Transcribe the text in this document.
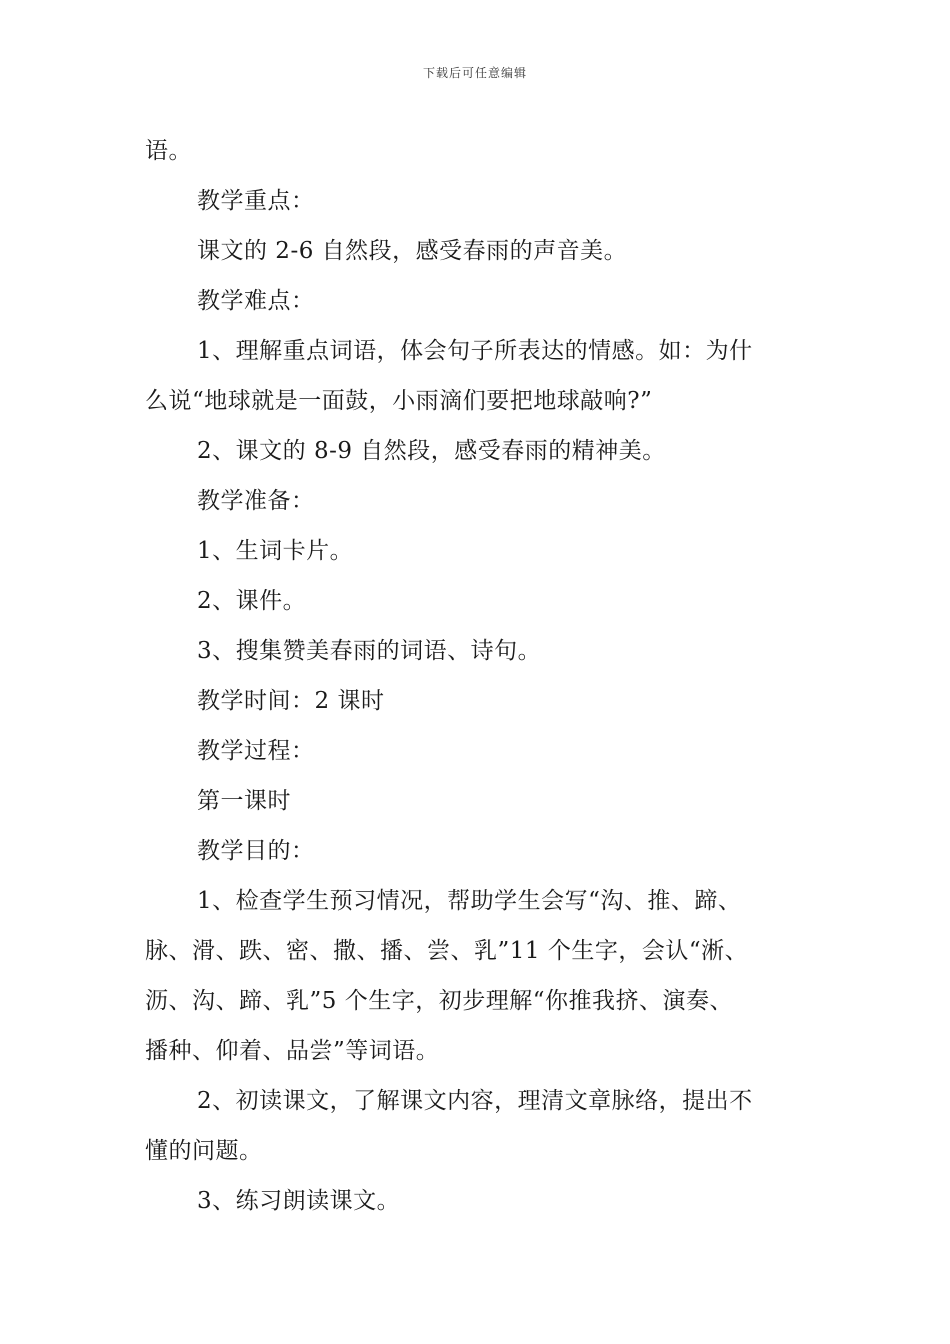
下载后可任意编辑
语。
教学重点：
课文的 2-6 自然段，感受春雨的声音美。
教学难点：
1、理解重点词语，体会句子所表达的情感。如：为什
么说“地球就是一面鼓，小雨滴们要把地球敲响?”
2、课文的 8-9 自然段，感受春雨的精神美。
教学准备：
1、生词卡片。
2、课件。
3、搜集赞美春雨的词语、诗句。
教学时间：2 课时
教学过程：
第一课时
教学目的：
1、检查学生预习情况，帮助学生会写“沟、推、蹄、
脉、滑、跌、密、撒、播、尝、乳”11 个生字，会认“淅、
沥、沟、蹄、乳”5 个生字，初步理解“你推我挤、演奏、
播种、仰着、品尝”等词语。
2、初读课文，了解课文内容，理清文章脉络，提出不
懂的问题。
3、练习朗读课文。
